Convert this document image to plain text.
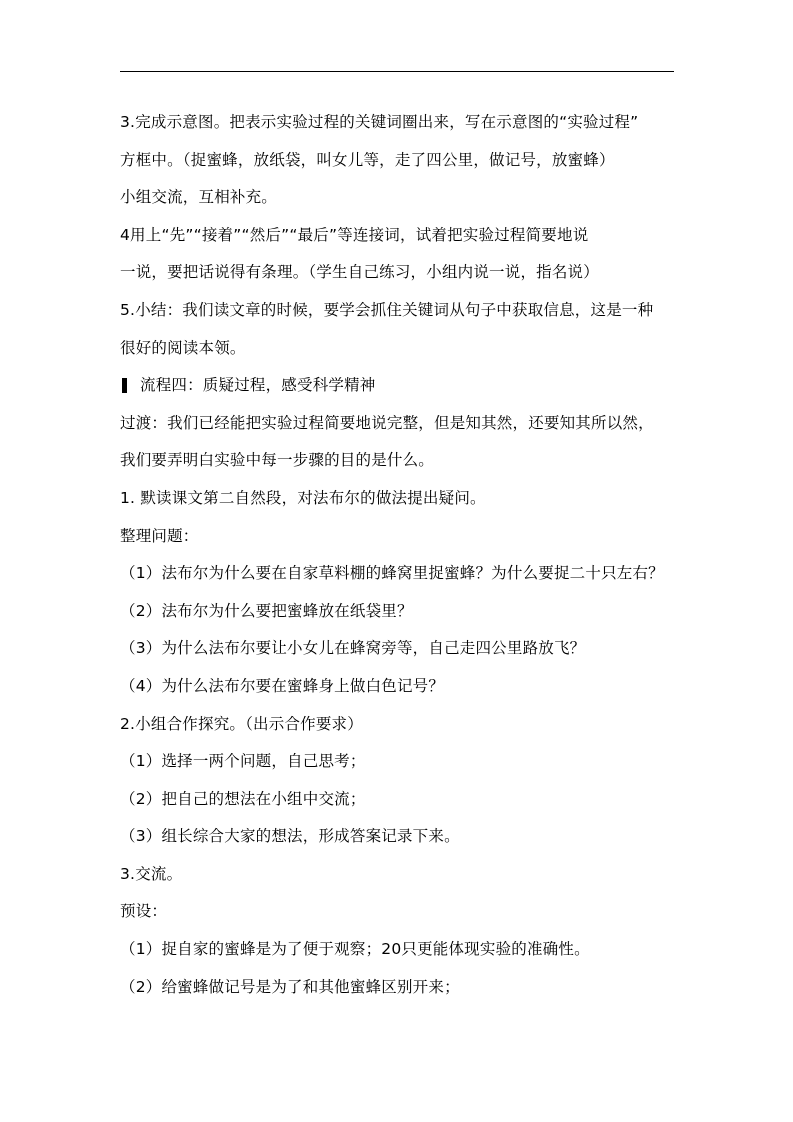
3.完成示意图。把表示实验过程的关键词圈出来，写在示意图的“实验过程”
方框中。（捉蜜蜂，放纸袋，叫女儿等，走了四公里，做记号，放蜜蜂）
小组交流，互相补充。
4用上“先”“接着”“然后”“最后”等连接词，试着把实验过程简要地说
一说，要把话说得有条理。（学生自己练习，小组内说一说，指名说）
5.小结：我们读文章的时候，要学会抓住关键词从句子中获取信息，这是一种
很好的阅读本领。
流程四：质疑过程，感受科学精神
过渡：我们已经能把实验过程简要地说完整，但是知其然，还要知其所以然，
我们要弄明白实验中每一步骤的目的是什么。
1. 默读课文第二自然段，对法布尔的做法提出疑问。
整理问题：
（1）法布尔为什么要在自家草料棚的蜂窝里捉蜜蜂？为什么要捉二十只左右？
（2）法布尔为什么要把蜜蜂放在纸袋里？
（3）为什么法布尔要让小女儿在蜂窝旁等，自己走四公里路放飞？
（4）为什么法布尔要在蜜蜂身上做白色记号？
2.小组合作探究。（出示合作要求）
（1）选择一两个问题，自己思考；
（2）把自己的想法在小组中交流；
（3）组长综合大家的想法，形成答案记录下来。
3.交流。
预设：
（1）捉自家的蜜蜂是为了便于观察；20只更能体现实验的准确性。
（2）给蜜蜂做记号是为了和其他蜜蜂区别开来；
